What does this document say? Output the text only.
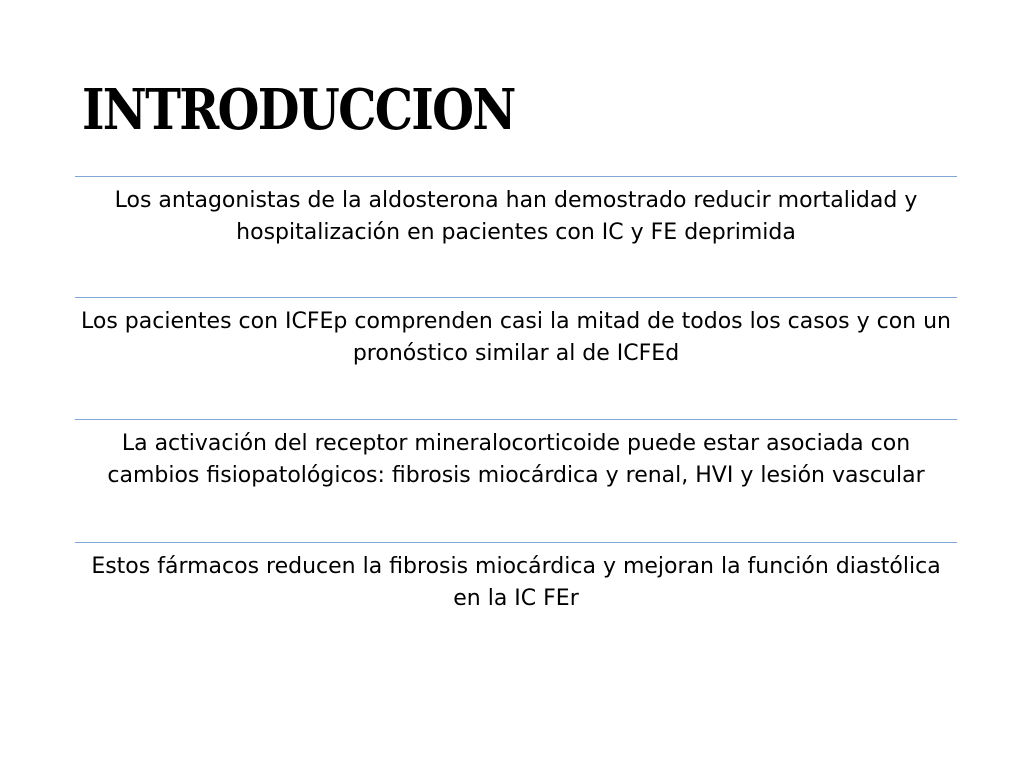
INTRODUCCION
Los antagonistas de la aldosterona han demostrado reducir mortalidad y hospitalización en pacientes con IC y FE deprimida
Los pacientes con ICFEp comprenden casi la mitad de todos los casos y con un pronóstico similar al de ICFEd
La activación del receptor mineralocorticoide puede estar asociada con cambios fisiopatológicos: fibrosis miocárdica y renal, HVI y lesión vascular
Estos fármacos reducen la fibrosis miocárdica y mejoran la función diastólica en la IC FEr
